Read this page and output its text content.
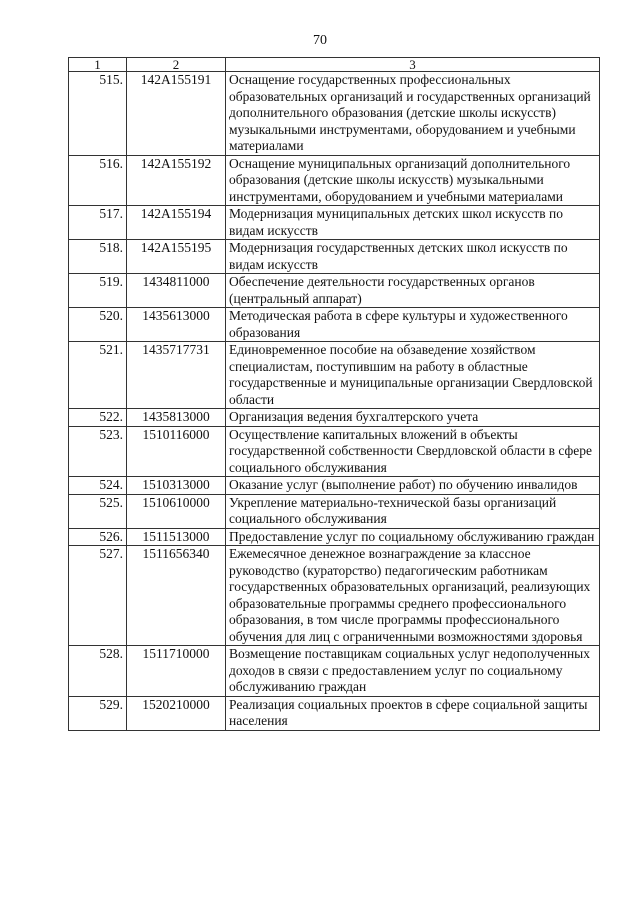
70
1	2	3
515.	142А155191	Оснащение государственных профессиональных образовательных организаций и государственных организаций дополнительного образования (детские школы искусств) музыкальными инструментами, оборудованием и учебными материалами
516.	142А155192	Оснащение муниципальных организаций дополнительного образования (детские школы искусств) музыкальными инструментами, оборудованием и учебными материалами
517.	142А155194	Модернизация муниципальных детских школ искусств по видам искусств
518.	142А155195	Модернизация государственных детских школ искусств по видам искусств
519.	1434811000	Обеспечение деятельности государственных органов (центральный аппарат)
520.	1435613000	Методическая работа в сфере культуры и художественного образования
521.	1435717731	Единовременное пособие на обзаведение хозяйством специалистам, поступившим на работу в областные государственные и муниципальные организации Свердловской области
522.	1435813000	Организация ведения бухгалтерского учета
523.	1510116000	Осуществление капитальных вложений в объекты государственной собственности Свердловской области в сфере социального обслуживания
524.	1510313000	Оказание услуг (выполнение работ) по обучению инвалидов
525.	1510610000	Укрепление материально-технической базы организаций социального обслуживания
526.	1511513000	Предоставление услуг по социальному обслуживанию граждан
527.	1511656340	Ежемесячное денежное вознаграждение за классное руководство (кураторство) педагогическим работникам государственных образовательных организаций, реализующих образовательные программы среднего профессионального образования, в том числе программы профессионального обучения для лиц с ограниченными возможностями здоровья
528.	1511710000	Возмещение поставщикам социальных услуг недополученных доходов в связи с предоставлением услуг по социальному обслуживанию граждан
529.	1520210000	Реализация социальных проектов в сфере социальной защиты населения
